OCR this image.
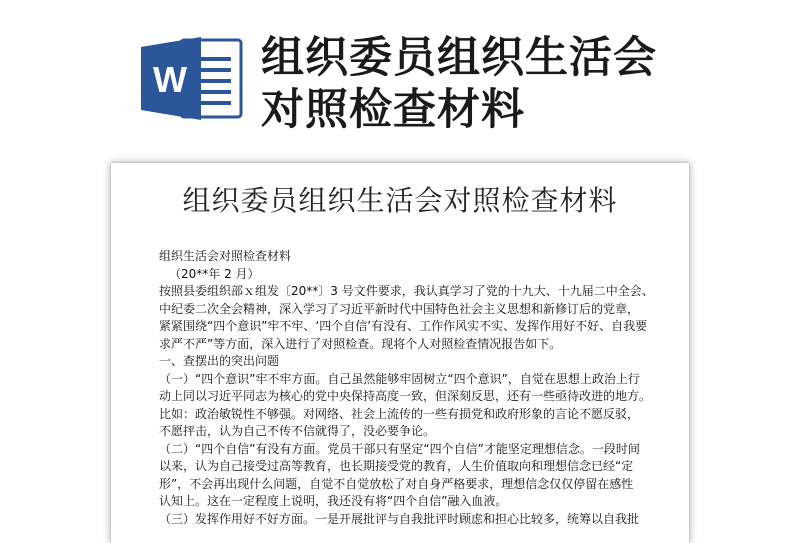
W 组织委员组织生活会
对照检查材料
组织委员组织生活会对照检查材料

组织生活会对照检查材料

（20**年 2 月）

按照县委组织部ｘ组发〔20**〕3 号文件要求，我认真学习了党的十九大、十九届二中全会、

中纪委二次全会精神，深入学习了习近平新时代中国特色社会主义思想和新修订后的党章，

紧紧围绕“四个意识”牢不牢、‘四个自信’有没有、工作作风实不实、发挥作用好不好、自我要

求严不严”等方面，深入进行了对照检查。现将个人对照检查情况报告如下。

一、查摆出的突出问题

（一）“四个意识”牢不牢方面。自己虽然能够牢固树立“四个意识”，自觉在思想上政治上行

动上同以习近平同志为核心的党中央保持高度一致，但深刻反思，还有一些亟待改进的地方。

比如：政治敏锐性不够强。对网络、社会上流传的一些有损党和政府形象的言论不愿反驳，

不愿抨击，认为自己不传不信就得了，没必要争论。

（二）“四个自信”有没有方面。党员干部只有坚定“四个自信”才能坚定理想信念。一段时间

以来，认为自己接受过高等教育，也长期接受党的教育，人生价值取向和理想信念已经“定

形”，不会再出现什么问题，自觉不自觉放松了对自身严格要求，理想信念仅仅停留在感性

认知上。这在一定程度上说明，我还没有将“四个自信”融入血液。

（三）发挥作用好不好方面。一是开展批评与自我批评时顾虑和担心比较多，统筹以自我批
